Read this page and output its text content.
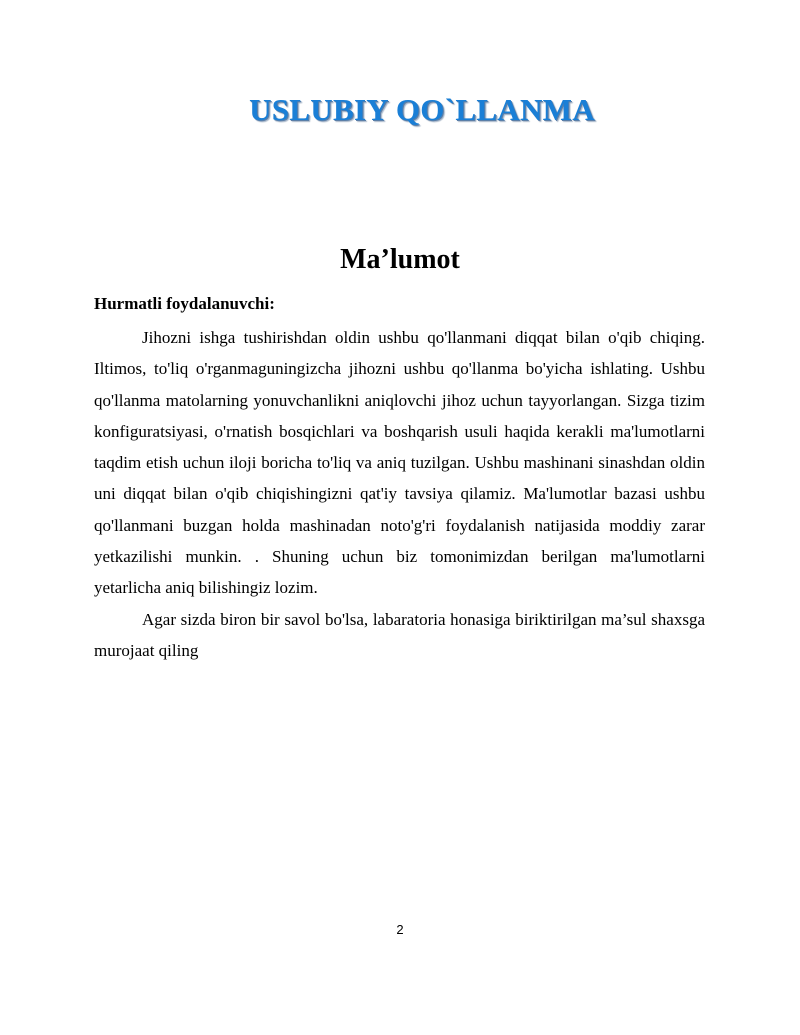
USLUBIY QO`LLANMA
Ma’lumot
Hurmatli foydalanuvchi:

Jihozni ishga tushirishdan oldin ushbu qo'llanmani diqqat bilan o'qib chiqing. Iltimos, to'liq o'rganmaguningizcha jihozni ushbu qo'llanma bo'yicha ishlating. Ushbu qo'llanma matolarning yonuvchanlikni aniqlovchi jihoz uchun tayyorlangan. Sizga tizim konfiguratsiyasi, o'rnatish bosqichlari va boshqarish usuli haqida kerakli ma'lumotlarni taqdim etish uchun iloji boricha to'liq va aniq tuzilgan. Ushbu mashinani sinashdan oldin uni diqqat bilan o'qib chiqishingizni qat'iy tavsiya qilamiz. Ma'lumotlar bazasi ushbu qo'llanmani buzgan holda mashinadan noto'g'ri foydalanish natijasida moddiy zarar yetkazilishi munkin. . Shuning uchun biz tomonimizdan berilgan ma'lumotlarni yetarlicha aniq bilishingiz lozim.

Agar sizda biron bir savol bo'lsa, labaratoria honasiga biriktirilgan ma’sul shaxsga murojaat qiling

2
